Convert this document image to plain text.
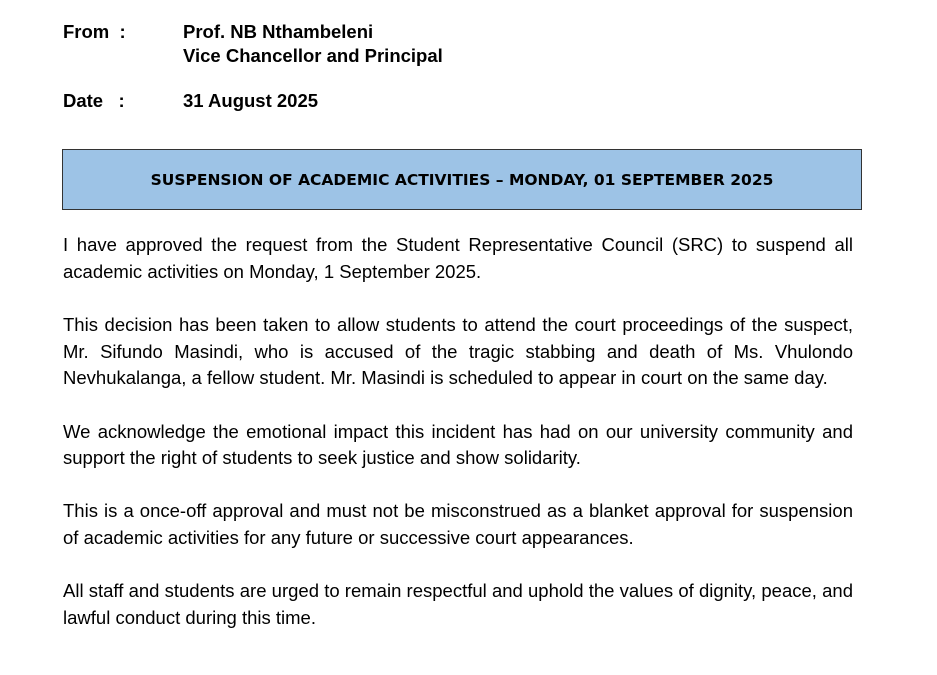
From  :	Prof. NB Nthambeleni
Vice Chancellor and Principal
Date   :	31 August 2025
SUSPENSION OF ACADEMIC ACTIVITIES – MONDAY, 01 SEPTEMBER 2025

I have approved the request from the Student Representative Council (SRC) to suspend all academic activities on Monday, 1 September 2025.

This decision has been taken to allow students to attend the court proceedings of the suspect, Mr. Sifundo Masindi, who is accused of the tragic stabbing and death of Ms. Vhulondo Nevhukalanga, a fellow student. Mr. Masindi is scheduled to appear in court on the same day.

We acknowledge the emotional impact this incident has had on our university community and support the right of students to seek justice and show solidarity.

This is a once-off approval and must not be misconstrued as a blanket approval for suspension of academic activities for any future or successive court appearances.

All staff and students are urged to remain respectful and uphold the values of dignity, peace, and lawful conduct during this time.
